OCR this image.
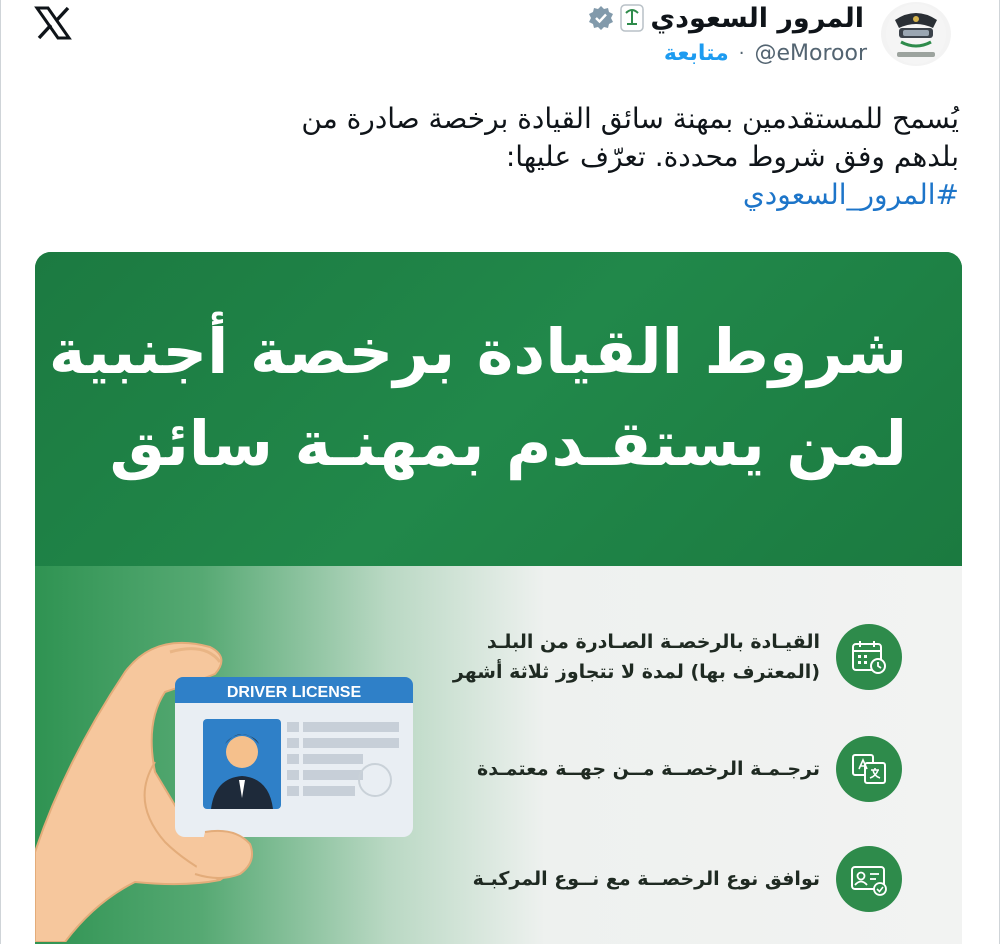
المرور السعودي
متابعة · @eMoroor

يُسمح للمستقدمين بمهنة سائق القيادة برخصة صادرة من

بلدهم وفق شروط محددة. تعرّف عليها:

#المرور_السعودي

شروط القيادة برخصة أجنبية
لمن يستقـدم بمهنـة سائق
DRIVER LICENSE
القيـادة بالرخصـة الصـادرة من البلـد
(المعترف بها) لمدة لا تتجاوز ثلاثة أشهر
ترجـمـة الرخصــة مــن جهــة معتمـدة
توافق نوع الرخصــة مع نــوع المركبـة
